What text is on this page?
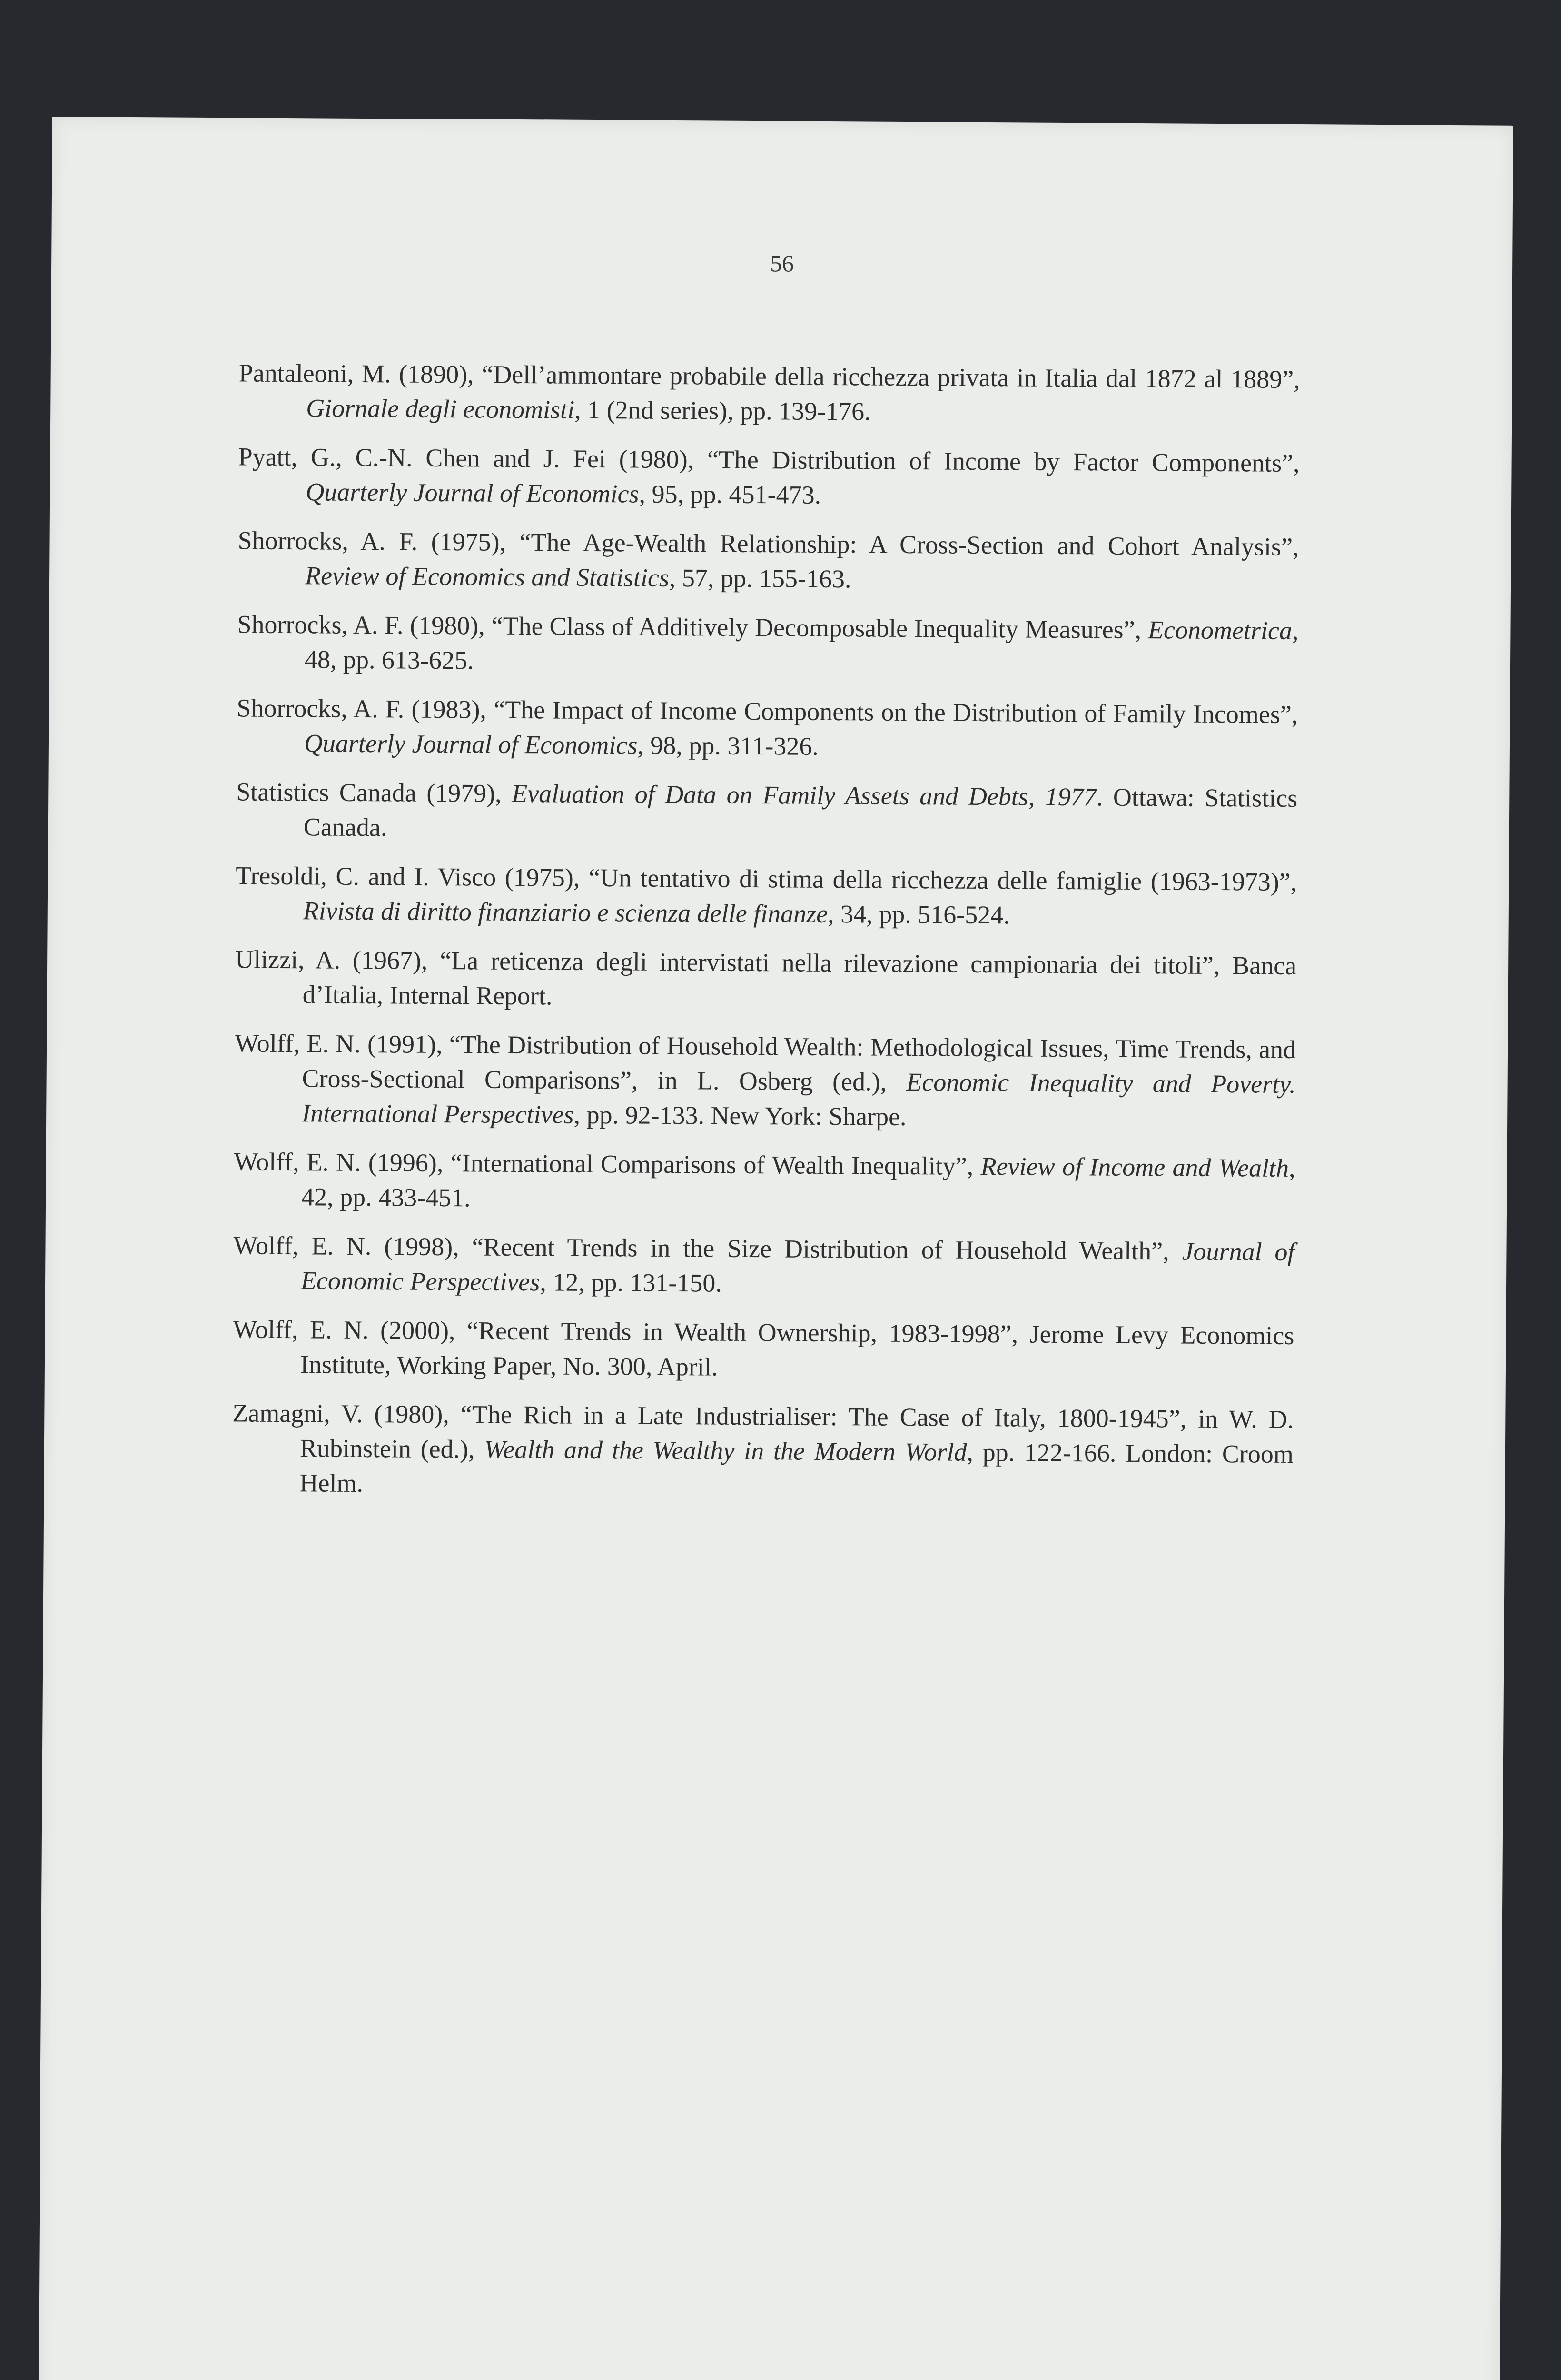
56

Pantaleoni, M. (1890), “Dell’ammontare probabile della ricchezza privata in Italia dal 1872 al 1889”, Giornale degli economisti, 1 (2nd series), pp. 139-176.

Pyatt, G., C.-N. Chen and J. Fei (1980), “The Distribution of Income by Factor Components”, Quarterly Journal of Economics, 95, pp. 451-473.

Shorrocks, A. F. (1975), “The Age-Wealth Relationship: A Cross-Section and Cohort Analysis”, Review of Economics and Statistics, 57, pp. 155-163.

Shorrocks, A. F. (1980), “The Class of Additively Decomposable Inequality Measures”, Econometrica, 48, pp. 613-625.

Shorrocks, A. F. (1983), “The Impact of Income Components on the Distribution of Family Incomes”, Quarterly Journal of Economics, 98, pp. 311-326.

Statistics Canada (1979), Evaluation of Data on Family Assets and Debts, 1977. Ottawa: Statistics Canada.

Tresoldi, C. and I. Visco (1975), “Un tentativo di stima della ricchezza delle famiglie (1963-1973)”, Rivista di diritto finanziario e scienza delle finanze, 34, pp. 516-524.

Ulizzi, A. (1967), “La reticenza degli intervistati nella rilevazione campionaria dei titoli”, Banca d’Italia, Internal Report.

Wolff, E. N. (1991), “The Distribution of Household Wealth: Methodological Issues, Time Trends, and Cross-Sectional Comparisons”, in L. Osberg (ed.), Economic Inequality and Poverty. International Perspectives, pp. 92-133. New York: Sharpe.

Wolff, E. N. (1996), “International Comparisons of Wealth Inequality”, Review of Income and Wealth, 42, pp. 433-451.

Wolff, E. N. (1998), “Recent Trends in the Size Distribution of Household Wealth”, Journal of Economic Perspectives, 12, pp. 131-150.

Wolff, E. N. (2000), “Recent Trends in Wealth Ownership, 1983-1998”, Jerome Levy Economics Institute, Working Paper, No. 300, April.

Zamagni, V. (1980), “The Rich in a Late Industrialiser: The Case of Italy, 1800-1945”, in W. D. Rubinstein (ed.), Wealth and the Wealthy in the Modern World, pp. 122-166. London: Croom Helm.
